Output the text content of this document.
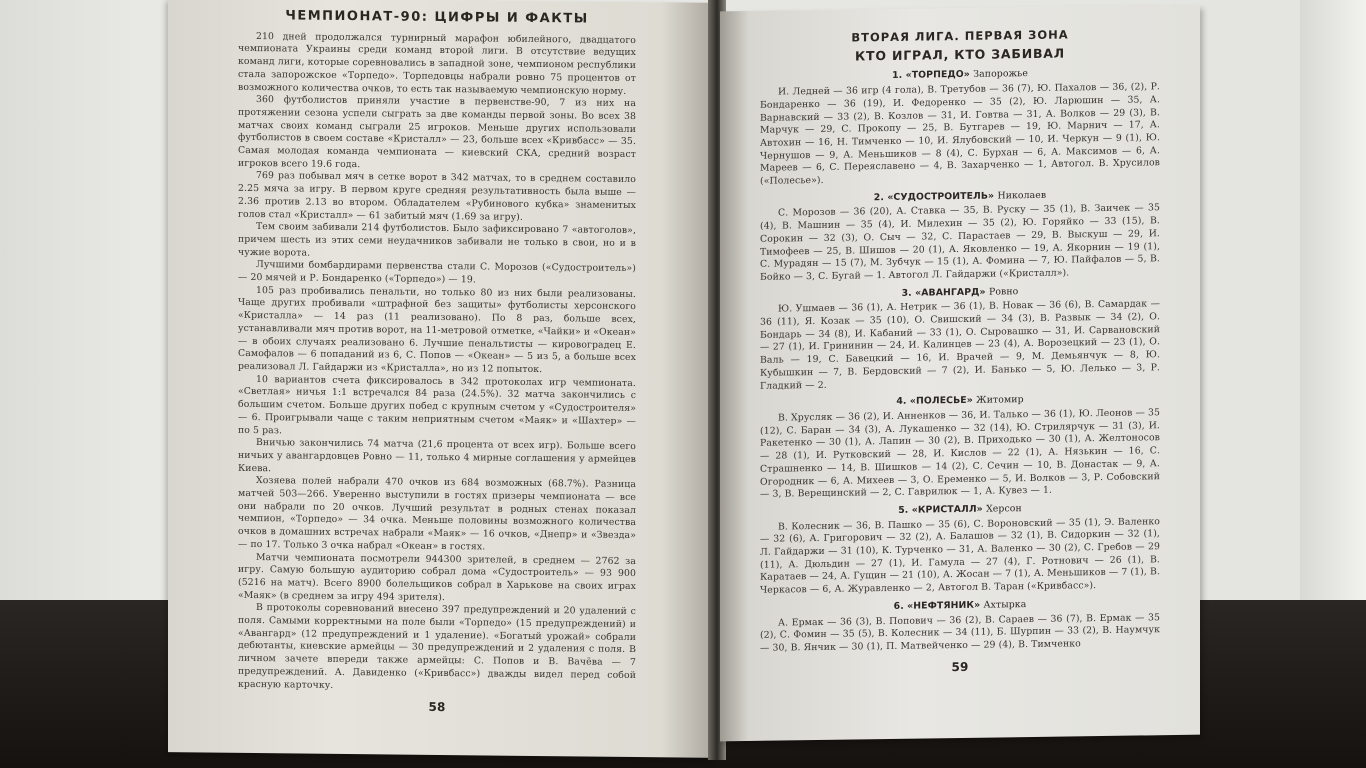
ЧЕМПИОНАТ-90: ЦИФРЫ И ФАКТЫ

210 дней продолжался турнирный марафон юбилейного, двадцатого чемпионата Украины среди команд второй лиги. В отсутствие ведущих команд лиги, которые соревновались в западной зоне, чемпионом республики стала запорожское «Торпедо». Торпедовцы набрали ровно 75 процентов от возможного количества очков, то есть так называемую чемпионскую норму.

360 футболистов приняли участие в первенстве-90, 7 из них на протяжении сезона успели сыграть за две команды первой зоны. Во всех 38 матчах своих команд сыграли 25 игроков. Меньше других использовали футболистов в своем составе «Кристалл» — 23, больше всех «Кривбасс» — 35. Самая молодая команда чемпионата — киевский СКА, средний возраст игроков всего 19.6 года.

769 раз побывал мяч в сетке ворот в 342 матчах, то в среднем составило 2.25 мяча за игру. В первом круге средняя результативность была выше — 2.36 против 2.13 во втором. Обладателем «Рубинового кубка» знаменитых голов стал «Кристалл» — 61 забитый мяч (1.69 за игру).

Тем своим забивали 214 футболистов. Было зафиксировано 7 «автоголов», причем шесть из этих семи неудачников забивали не только в свои, но и в чужие ворота.

Лучшими бомбардирами первенства стали С. Морозов («Судостроитель») — 20 мячей и Р. Бондаренко («Торпедо») — 19.

105 раз пробивались пенальти, но только 80 из них были реализованы. Чаще других пробивали «штрафной без защиты» футболисты херсонского «Кристалла» — 14 раз (11 реализовано). По 8 раз, больше всех, устанавливали мяч против ворот, на 11-метровой отметке, «Чайки» и «Океан» — в обоих случаях реализовано 6. Лучшие пенальтисты — кировоградец Е. Самофалов — 6 попаданий из 6, С. Попов — «Океан» — 5 из 5, а больше всех реализовал Л. Гайдаржи из «Кристалла», но из 12 попыток.

10 вариантов счета фиксировалось в 342 протоколах игр чемпионата. «Светлая» ничья 1:1 встречался 84 раза (24.5%). 32 матча закончились с большим счетом. Больше других побед с крупным счетом у «Судостроителя» — 6. Проигрывали чаще с таким неприятным счетом «Маяк» и «Шахтер» — по 5 раз.

Вничью закончились 74 матча (21,6 процента от всех игр). Больше всего ничьих у авангардовцев Ровно — 11, только 4 мирные соглашения у армейцев Киева.

Хозяева полей набрали 470 очков из 684 возможных (68.7%). Разница матчей 503—266. Уверенно выступили в гостях призеры чемпионата — все они набрали по 20 очков. Лучший результат в родных стенах показал чемпион, «Торпедо» — 34 очка. Меньше половины возможного количества очков в домашних встречах набрали «Маяк» — 16 очков, «Днепр» и «Звезда» — по 17. Только 3 очка набрал «Океан» в гостях.

Матчи чемпионата посмотрели 944300 зрителей, в среднем — 2762 за игру. Самую большую аудиторию собрал дома «Судостроитель» — 93 900 (5216 на матч). Всего 8900 болельщиков собрал в Харькове на своих играх «Маяк» (в среднем за игру 494 зрителя).

В протоколы соревнований внесено 397 предупреждений и 20 удалений с поля. Самыми корректными на поле были «Торпедо» (15 предупреждений) и «Авангард» (12 предупреждений и 1 удаление). «Богатый урожай» собрали дебютанты, киевские армейцы — 30 предупреждений и 2 удаления с поля. В личном зачете впереди также армейцы: С. Попов и В. Вачёва — 7 предупреждений. А. Давиденко («Кривбасс») дважды видел перед собой красную карточку.

58
ВТОРАЯ ЛИГА. ПЕРВАЯ ЗОНА
КТО ИГРАЛ, КТО ЗАБИВАЛ
1. «ТОРПЕДО» Запорожье

И. Ледней — 36 игр (4 гола), В. Третубов — 36 (7), Ю. Пахалов — 36, (2), Р. Бондаренко — 36 (19), И. Федоренко — 35 (2), Ю. Ларюшин — 35, А. Варнавский — 33 (2), В. Козлов — 31, И. Говтва — 31, А. Волков — 29 (3), В. Марчук — 29, С. Прокопу — 25, В. Бутгарев — 19, Ю. Марнич — 17, А. Автохин — 16, Н. Тимченко — 10, И. Ялубовский — 10, И. Черкун — 9 (1), Ю. Чернушов — 9, А. Меньшиков — 8 (4), С. Бурхан — 6, А. Максимов — 6, А. Мареев — 6, С. Переяславено — 4, В. Захарченко — 1, Автогол. В. Хрусилов («Полесье»).

2. «СУДОСТРОИТЕЛЬ» Николаев

С. Морозов — 36 (20), А. Ставка — 35, В. Руску — 35 (1), В. Заичек — 35 (4), В. Машнин — 35 (4), И. Милехин — 35 (2), Ю. Горяйко — 33 (15), В. Сорокин — 32 (3), О. Сыч — 32, С. Парастаев — 29, В. Выскуш — 29, И. Тимофеев — 25, В. Шишов — 20 (1), А. Яковленко — 19, А. Якорнин — 19 (1), С. Мурадян — 15 (7), М. Зубчук — 15 (1), А. Фомина — 7, Ю. Пайфалов — 5, В. Бойко — 3, С. Бугай — 1. Автогол Л. Гайдаржи («Кристалл»).

3. «АВАНГАРД» Ровно

Ю. Ушмаев — 36 (1), А. Нетрик — 36 (1), В. Новак — 36 (6), В. Самардак — 36 (11), Я. Козак — 35 (10), О. Свишский — 34 (3), В. Развык — 34 (2), О. Бондарь — 34 (8), И. Кабаний — 33 (1), О. Сыровашко — 31, И. Сарвановский — 27 (1), И. Грининин — 24, И. Калинцев — 23 (4), А. Ворозецкий — 23 (1), О. Валь — 19, С. Бавецкий — 16, И. Врачей — 9, М. Демьянчук — 8, Ю. Кубышкин — 7, В. Бердовский — 7 (2), И. Банько — 5, Ю. Лелько — 3, Р. Гладкий — 2.

4. «ПОЛЕСЬЕ» Житомир

В. Хрусляк — 36 (2), И. Анненков — 36, И. Талько — 36 (1), Ю. Леонов — 35 (12), С. Баран — 34 (3), А. Лукашенко — 32 (14), Ю. Стрилярчук — 31 (3), И. Ракетенко — 30 (1), А. Лапин — 30 (2), В. Приходько — 30 (1), А. Желтоносов — 28 (1), И. Рутковский — 28, И. Кислов — 22 (1), А. Нязькин — 16, С. Страшненко — 14, В. Шишков — 14 (2), С. Сечин — 10, В. Донастак — 9, А. Огородник — 6, А. Михеев — 3, О. Еременко — 5, И. Волков — 3, Р. Собовский — 3, В. Верещинский — 2, С. Гаврилюк — 1, А. Кувез — 1.

5. «КРИСТАЛЛ» Херсон

В. Колесник — 36, В. Пашко — 35 (6), С. Вороновский — 35 (1), Э. Валенко — 32 (6), А. Григорович — 32 (2), А. Балашов — 32 (1), В. Сидоркин — 32 (1), Л. Гайдаржи — 31 (10), К. Турченко — 31, А. Валенко — 30 (2), С. Гребов — 29 (11), А. Дюльдин — 27 (1), И. Гамула — 27 (4), Г. Ротнович — 26 (1), В. Каратаев — 24, А. Гущин — 21 (10), А. Жосан — 7 (1), А. Меньшиков — 7 (1), В. Черкасов — 6, А. Журавленко — 2, Автогол В. Таран («Кривбасс»).

6. «НЕФТЯНИК» Ахтырка

А. Ермак — 36 (3), В. Попович — 36 (2), В. Сараев — 36 (7), В. Ермак — 35 (2), С. Фомин — 35 (5), В. Колесник — 34 (11), Б. Шурпин — 33 (2), В. Наумчук — 30, В. Янчик — 30 (1), П. Матвейченко — 29 (4), В. Тимченко

59
